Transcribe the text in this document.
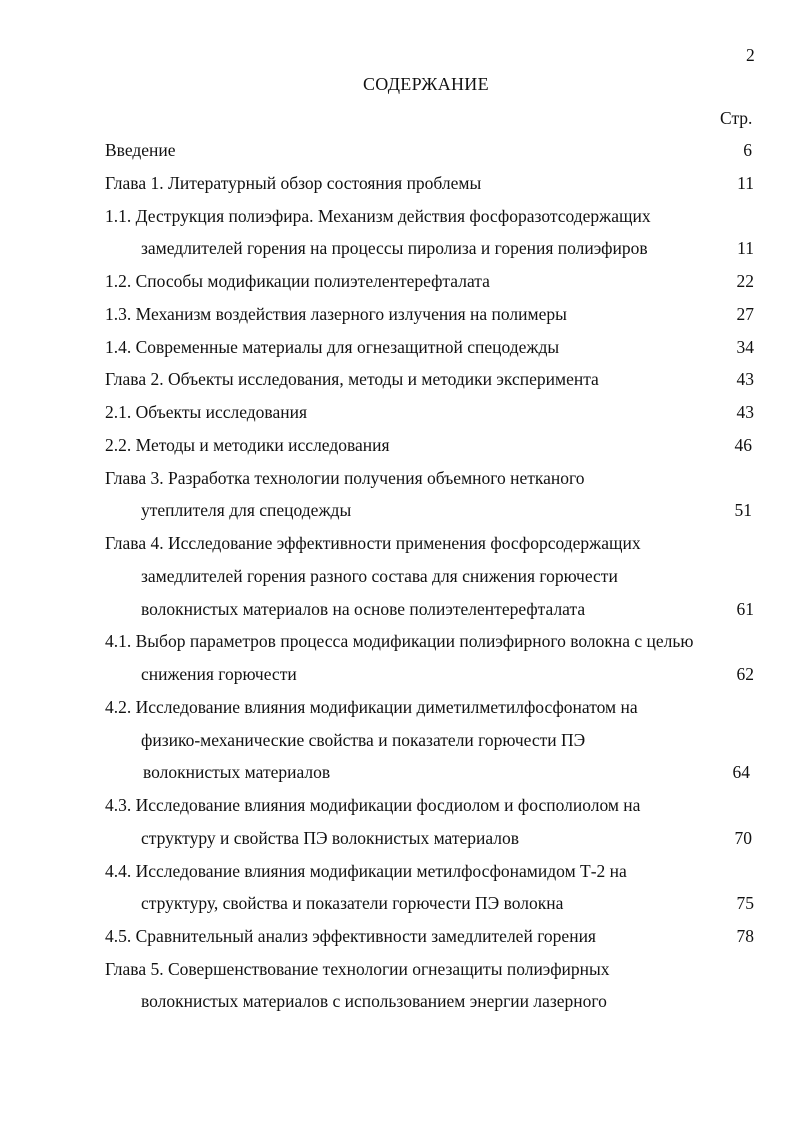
2
СОДЕРЖАНИЕ
Стр.
Введение	6
Глава 1. Литературный обзор состояния проблемы	11
1.1. Деструкция полиэфира. Механизм действия фосфоразотсодержащих
замедлителей горения на процессы пиролиза и горения полиэфиров	11
1.2. Способы модификации полиэтелентерефталата	22
1.3. Механизм воздействия лазерного излучения на полимеры	27
1.4. Современные материалы для огнезащитной спецодежды	34
Глава 2. Объекты исследования, методы и методики эксперимента	43
2.1. Объекты исследования	43
2.2. Методы и методики исследования	46
Глава 3. Разработка технологии получения объемного нетканого
утеплителя для спецодежды	51
Глава 4. Исследование эффективности применения фосфорсодержащих
замедлителей горения разного состава для снижения горючести
волокнистых материалов на основе полиэтелентерефталата	61
4.1. Выбор параметров процесса модификации полиэфирного волокна с целью
снижения горючести	62
4.2. Исследование влияния модификации диметилметилфосфонатом на
физико-механические свойства и показатели горючести ПЭ
волокнистых материалов	64
4.3. Исследование влияния модификации фосдиолом и фосполиолом на
структуру и свойства ПЭ волокнистых материалов	70
4.4. Исследование влияния модификации метилфосфонамидом Т-2 на
структуру, свойства и показатели горючести ПЭ волокна	75
4.5. Сравнительный анализ эффективности замедлителей горения	78
Глава 5. Совершенствование технологии огнезащиты полиэфирных
волокнистых материалов с использованием энергии лазерного
